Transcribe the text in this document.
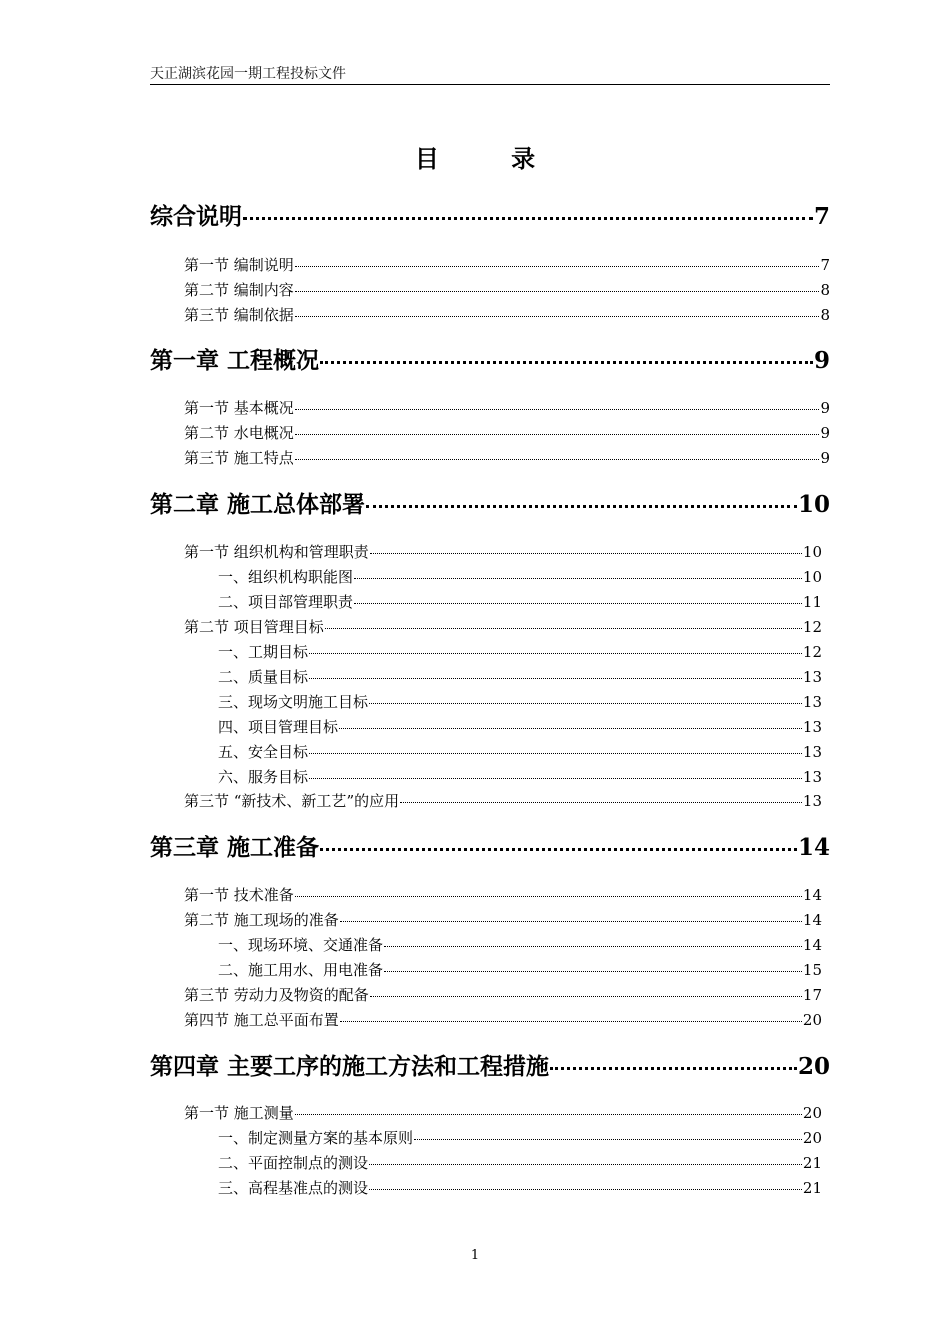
天正湖滨花园一期工程投标文件
目 录
综合说明	7
第一节 编制说明	7
第二节 编制内容	8
第三节 编制依据	8
第一章 工程概况	9
第一节 基本概况	9
第二节 水电概况	9
第三节 施工特点	9
第二章 施工总体部署	10
第一节 组织机构和管理职责	10
一、组织机构职能图	10
二、项目部管理职责	11
第二节 项目管理目标	12
一、工期目标	12
二、质量目标	13
三、现场文明施工目标	13
四、项目管理目标	13
五、安全目标	13
六、服务目标	13
第三节 “新技术、新工艺”的应用	13
第三章 施工准备	14
第一节 技术准备	14
第二节 施工现场的准备	14
一、现场环境、交通准备	14
二、施工用水、用电准备	15
第三节 劳动力及物资的配备	17
第四节 施工总平面布置	20
第四章 主要工序的施工方法和工程措施	20
第一节 施工测量	20
一、制定测量方案的基本原则	20
二、平面控制点的测设	21
三、高程基准点的测设	21
1
